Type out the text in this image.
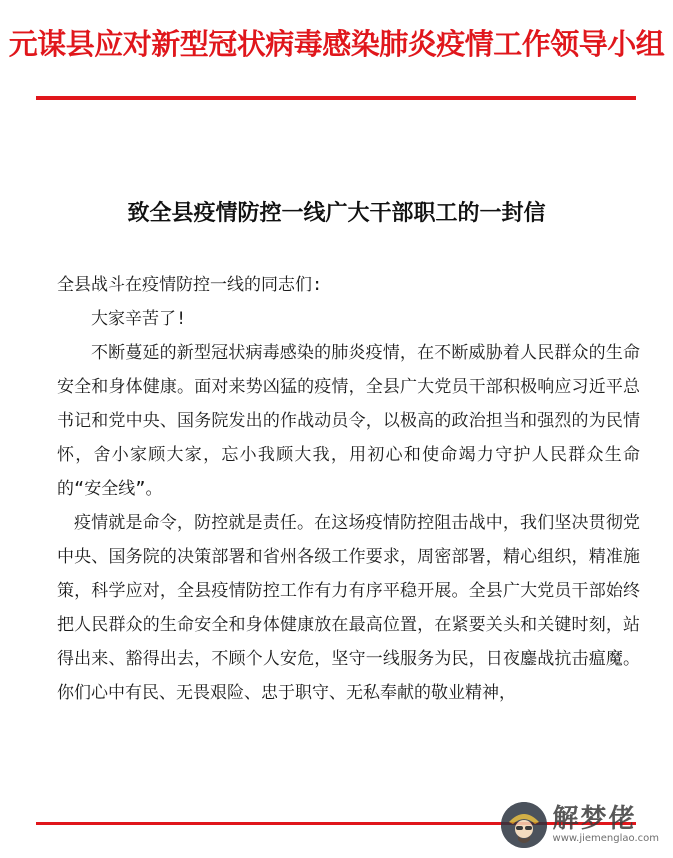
元谋县应对新型冠状病毒感染肺炎疫情工作领导小组
致全县疫情防控一线广大干部职工的一封信

全县战斗在疫情防控一线的同志们:

大家辛苦了!

不断蔓延的新型冠状病毒感染的肺炎疫情，在不断威胁着人民群众的生命安全和身体健康。面对来势凶猛的疫情，全县广大党员干部积极响应习近平总书记和党中央、国务院发出的作战动员令，以极高的政治担当和强烈的为民情怀，舍小家顾大家，忘小我顾大我，用初心和使命竭力守护人民群众生命的“安全线”。

疫情就是命令，防控就是责任。在这场疫情防控阻击战中，我们坚决贯彻党中央、国务院的决策部署和省州各级工作要求，周密部署，精心组织，精准施策，科学应对，全县疫情防控工作有力有序平稳开展。全县广大党员干部始终把人民群众的生命安全和身体健康放在最高位置，在紧要关头和关键时刻，站得出来、豁得出去，不顾个人安危，坚守一线服务为民，日夜鏖战抗击瘟魔。你们心中有民、无畏艰险、忠于职守、无私奉献的敬业精神，

解梦佬
www.jiemenglao.com
